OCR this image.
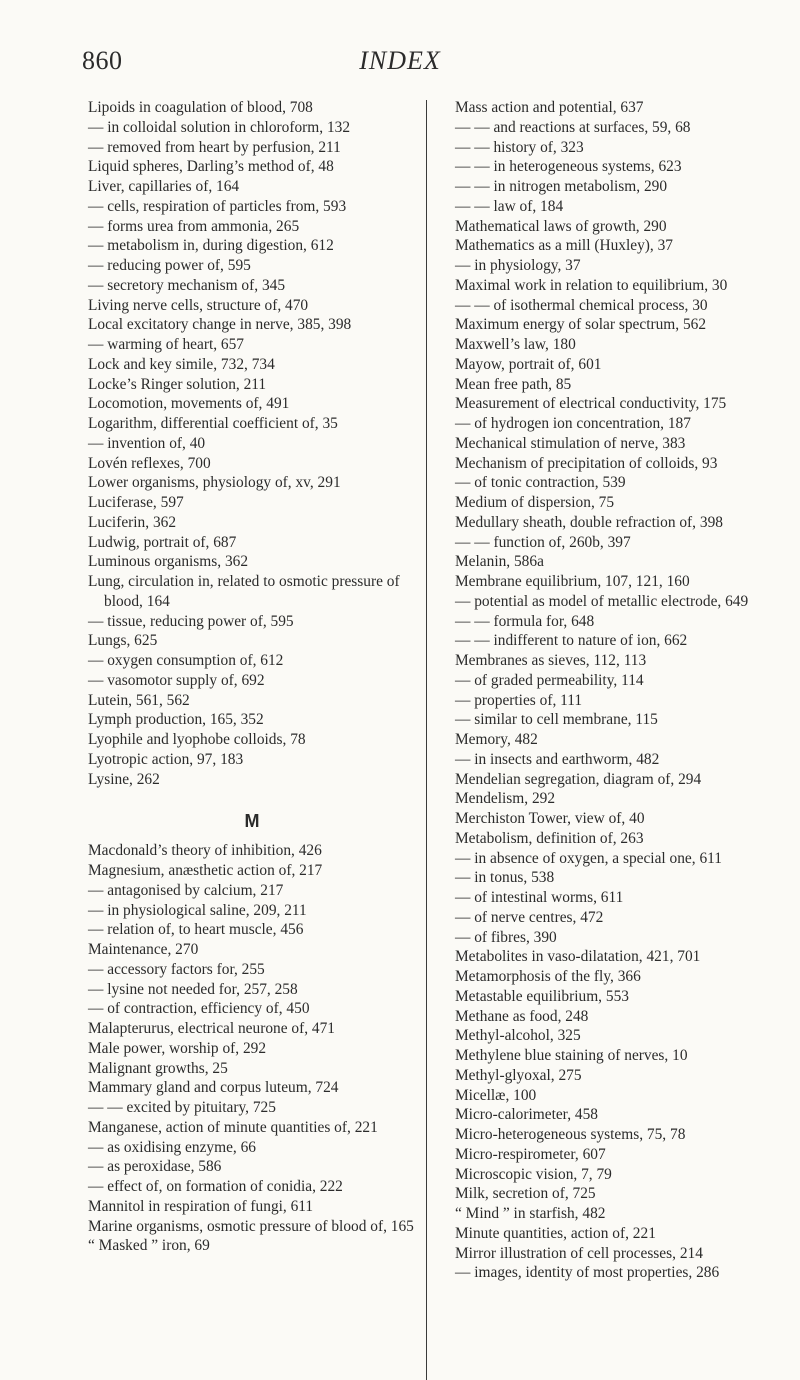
860	INDEX
Lipoids in coagulation of blood, 708
— in colloidal solution in chloroform, 132
— removed from heart by perfusion, 211
Liquid spheres, Darling’s method of, 48
Liver, capillaries of, 164
— cells, respiration of particles from, 593
— forms urea from ammonia, 265
— metabolism in, during digestion, 612
— reducing power of, 595
— secretory mechanism of, 345
Living nerve cells, structure of, 470
Local excitatory change in nerve, 385, 398
— warming of heart, 657
Lock and key simile, 732, 734
Locke’s Ringer solution, 211
Locomotion, movements of, 491
Logarithm, differential coefficient of, 35
— invention of, 40
Lovén reflexes, 700
Lower organisms, physiology of, xv, 291
Luciferase, 597
Luciferin, 362
Ludwig, portrait of, 687
Luminous organisms, 362
Lung, circulation in, related to osmotic pressure of blood, 164
— tissue, reducing power of, 595
Lungs, 625
— oxygen consumption of, 612
— vasomotor supply of, 692
Lutein, 561, 562
Lymph production, 165, 352
Lyophile and lyophobe colloids, 78
Lyotropic action, 97, 183
Lysine, 262
M
Macdonald’s theory of inhibition, 426
Magnesium, anæsthetic action of, 217
— antagonised by calcium, 217
— in physiological saline, 209, 211
— relation of, to heart muscle, 456
Maintenance, 270
— accessory factors for, 255
— lysine not needed for, 257, 258
— of contraction, efficiency of, 450
Malapterurus, electrical neurone of, 471
Male power, worship of, 292
Malignant growths, 25
Mammary gland and corpus luteum, 724
— — excited by pituitary, 725
Manganese, action of minute quantities of, 221
— as oxidising enzyme, 66
— as peroxidase, 586
— effect of, on formation of conidia, 222
Mannitol in respiration of fungi, 611
Marine organisms, osmotic pressure of blood of, 165
“ Masked ” iron, 69
Mass action and potential, 637
— — and reactions at surfaces, 59, 68
— — history of, 323
— — in heterogeneous systems, 623
— — in nitrogen metabolism, 290
— — law of, 184
Mathematical laws of growth, 290
Mathematics as a mill (Huxley), 37
— in physiology, 37
Maximal work in relation to equilibrium, 30
— — of isothermal chemical process, 30
Maximum energy of solar spectrum, 562
Maxwell’s law, 180
Mayow, portrait of, 601
Mean free path, 85
Measurement of electrical conductivity, 175
— of hydrogen ion concentration, 187
Mechanical stimulation of nerve, 383
Mechanism of precipitation of colloids, 93
— of tonic contraction, 539
Medium of dispersion, 75
Medullary sheath, double refraction of, 398
— — function of, 260b, 397
Melanin, 586a
Membrane equilibrium, 107, 121, 160
— potential as model of metallic electrode, 649
— — formula for, 648
— — indifferent to nature of ion, 662
Membranes as sieves, 112, 113
— of graded permeability, 114
— properties of, 111
— similar to cell membrane, 115
Memory, 482
— in insects and earthworm, 482
Mendelian segregation, diagram of, 294
Mendelism, 292
Merchiston Tower, view of, 40
Metabolism, definition of, 263
— in absence of oxygen, a special one, 611
— in tonus, 538
— of intestinal worms, 611
— of nerve centres, 472
— of fibres, 390
Metabolites in vaso-dilatation, 421, 701
Metamorphosis of the fly, 366
Metastable equilibrium, 553
Methane as food, 248
Methyl-alcohol, 325
Methylene blue staining of nerves, 10
Methyl-glyoxal, 275
Micellæ, 100
Micro-calorimeter, 458
Micro-heterogeneous systems, 75, 78
Micro-respirometer, 607
Microscopic vision, 7, 79
Milk, secretion of, 725
“ Mind ” in starfish, 482
Minute quantities, action of, 221
Mirror illustration of cell processes, 214
— images, identity of most properties, 286
